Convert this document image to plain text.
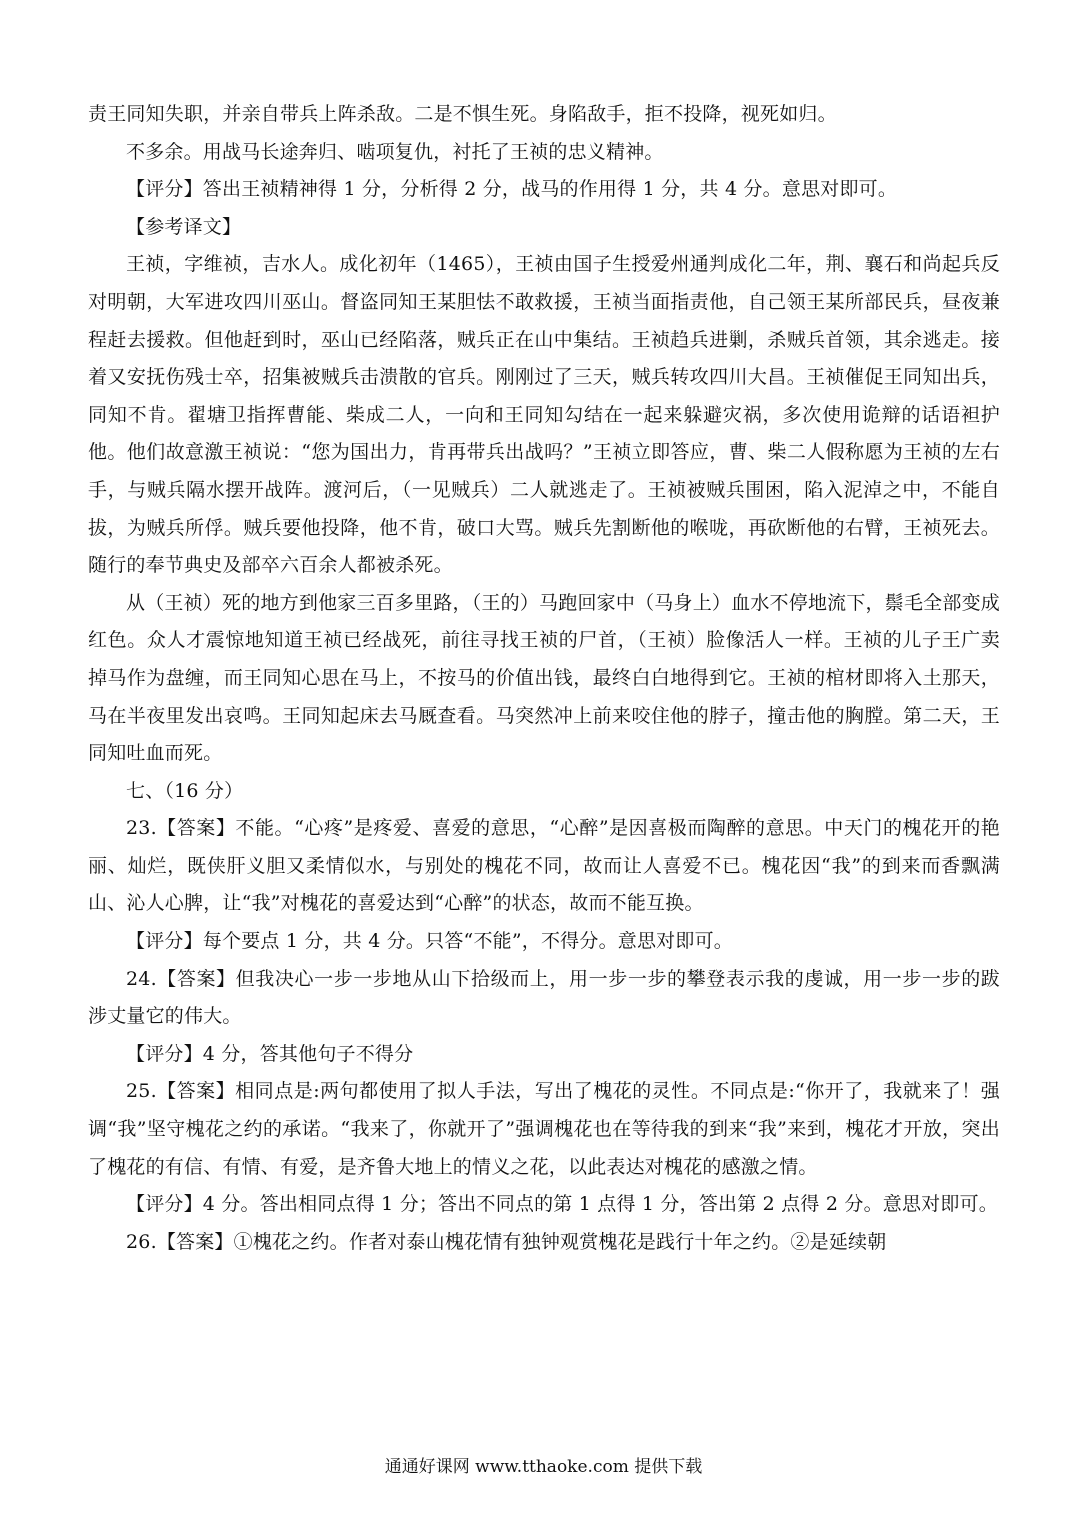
责王同知失职，并亲自带兵上阵杀敌。二是不惧生死。身陷敌手，拒不投降，视死如归。

不多余。用战马长途奔归、啮项复仇，衬托了王祯的忠义精神。

【评分】答出王祯精神得 1 分，分析得 2 分，战马的作用得 1 分，共 4 分。意思对即可。

【参考译文】

王祯，字维祯，吉水人。成化初年（1465），王祯由国子生授爱州通判成化二年，荆、襄石和尚起兵反对明朝，大军进攻四川巫山。督盗同知王某胆怯不敢救援，王祯当面指责他，自己领王某所部民兵，昼夜兼程赶去援救。但他赶到时，巫山已经陷落，贼兵正在山中集结。王祯趋兵进剿，杀贼兵首领，其余逃走。接着又安抚伤残士卒，招集被贼兵击溃散的官兵。刚刚过了三天，贼兵转攻四川大昌。王祯催促王同知出兵，同知不肯。翟塘卫指挥曹能、柴成二人，一向和王同知勾结在一起来躲避灾祸，多次使用诡辩的话语袒护他。他们故意激王祯说：“您为国出力，肯再带兵出战吗？”王祯立即答应，曹、柴二人假称愿为王祯的左右手，与贼兵隔水摆开战阵。渡河后，（一见贼兵）二人就逃走了。王祯被贼兵围困，陷入泥淖之中，不能自拔，为贼兵所俘。贼兵要他投降，他不肯，破口大骂。贼兵先割断他的喉咙，再砍断他的右臂，王祯死去。随行的奉节典史及部卒六百余人都被杀死。

从（王祯）死的地方到他家三百多里路，（王的）马跑回家中（马身上）血水不停地流下，鬃毛全部变成红色。众人才震惊地知道王祯已经战死，前往寻找王祯的尸首，（王祯）脸像活人一样。王祯的儿子王广卖掉马作为盘缠，而王同知心思在马上，不按马的价值出钱，最终白白地得到它。王祯的棺材即将入土那天，马在半夜里发出哀鸣。王同知起床去马厩查看。马突然冲上前来咬住他的脖子，撞击他的胸膛。第二天，王同知吐血而死。

七、（16 分）

23.【答案】不能。“心疼”是疼爱、喜爱的意思，“心醉”是因喜极而陶醉的意思。中天门的槐花开的艳丽、灿烂，既侠肝义胆又柔情似水，与别处的槐花不同，故而让人喜爱不已。槐花因“我”的到来而香飘满山、沁人心脾，让“我”对槐花的喜爱达到“心醉”的状态，故而不能互换。

【评分】每个要点 1 分，共 4 分。只答“不能”，不得分。意思对即可。

24.【答案】但我决心一步一步地从山下拾级而上，用一步一步的攀登表示我的虔诚，用一步一步的跋涉丈量它的伟大。

【评分】4 分，答其他句子不得分

25.【答案】相同点是:两句都使用了拟人手法，写出了槐花的灵性。不同点是:“你开了，我就来了！强调“我”坚守槐花之约的承诺。“我来了，你就开了”强调槐花也在等待我的到来“我”来到，槐花才开放，突出了槐花的有信、有情、有爱，是齐鲁大地上的情义之花，以此表达对槐花的感激之情。

【评分】4 分。答出相同点得 1 分；答出不同点的第 1 点得 1 分，答出第 2 点得 2 分。意思对即可。

26.【答案】①槐花之约。作者对泰山槐花情有独钟观赏槐花是践行十年之约。②是延续朝

通通好课网 www.tthaoke.com 提供下载
